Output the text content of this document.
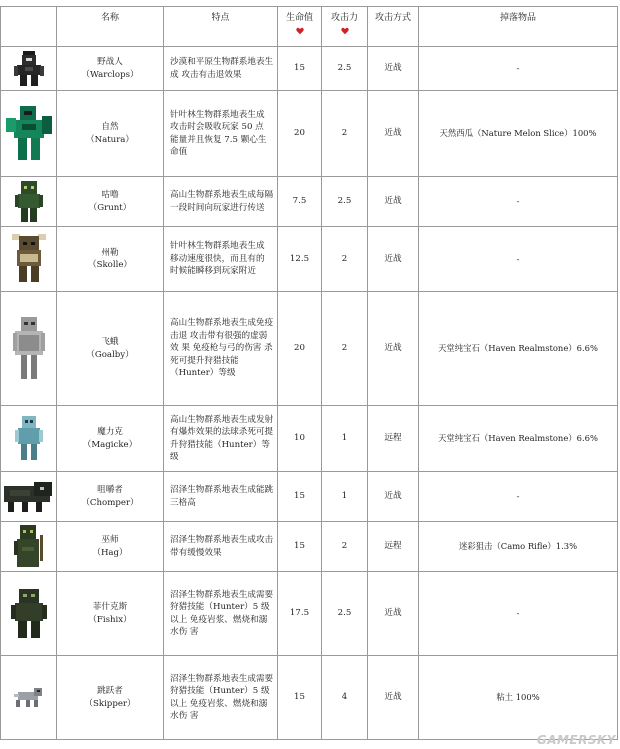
	名称	特点	生命值	攻击力	攻击方式	掉落物品

野战人
（Warclops）	沙漠和平原生物群系地表生成 攻击有击退效果	15	2.5	近战	-

自然
（Natura）	针叶林生物群系地表生成 攻击时会吸收玩家 50 点 能量并且恢复 7.5 颗心生命值	20	2	近战	天然西瓜（Nature Melon Slice）100%

咕噜
（Grunt）	高山生物群系地表生成每隔一段时间向玩家进行传送	7.5	2.5	近战	-

州勒
（Skolle）	针叶林生物群系地表生成 移动速度很快，而且有的 时候能瞬移到玩家附近	12.5	2	近战	-

飞蛾
（Goalby）	高山生物群系地表生成免疫击退 攻击带有很强的虚弱效 果 免疫枪与弓的伤害 杀死可提升狩猎技能（Hunter）等级	20	2	近战	天堂纯宝石（Haven Realmstone）6.6%

魔力克
（Magicke）	高山生物群系地表生成发射有爆炸效果的法球杀死可提升狩猎技能（Hunter）等级	10	1	远程	天堂纯宝石（Haven Realmstone）6.6%

咀嚼者
（Chomper）	沼泽生物群系地表生成能跳三格高	15	1	近战	-

巫师
（Hag）	沼泽生物群系地表生成攻击带有缓慢效果	15	2	远程	迷彩狙击（Camo Rifle）1.3%

菲什克斯
（Fishix）	沼泽生物群系地表生成需要狩猎技能（Hunter）5 级以上 免疫岩浆、燃烧和溺水伤 害	17.5	2.5	近战	-

跳跃者
（Skipper）	沼泽生物群系地表生成需要狩猎技能（Hunter）5 级以上 免疫岩浆、燃烧和溺水伤 害	15	4	近战	粘土 100%
GAMERSKY
